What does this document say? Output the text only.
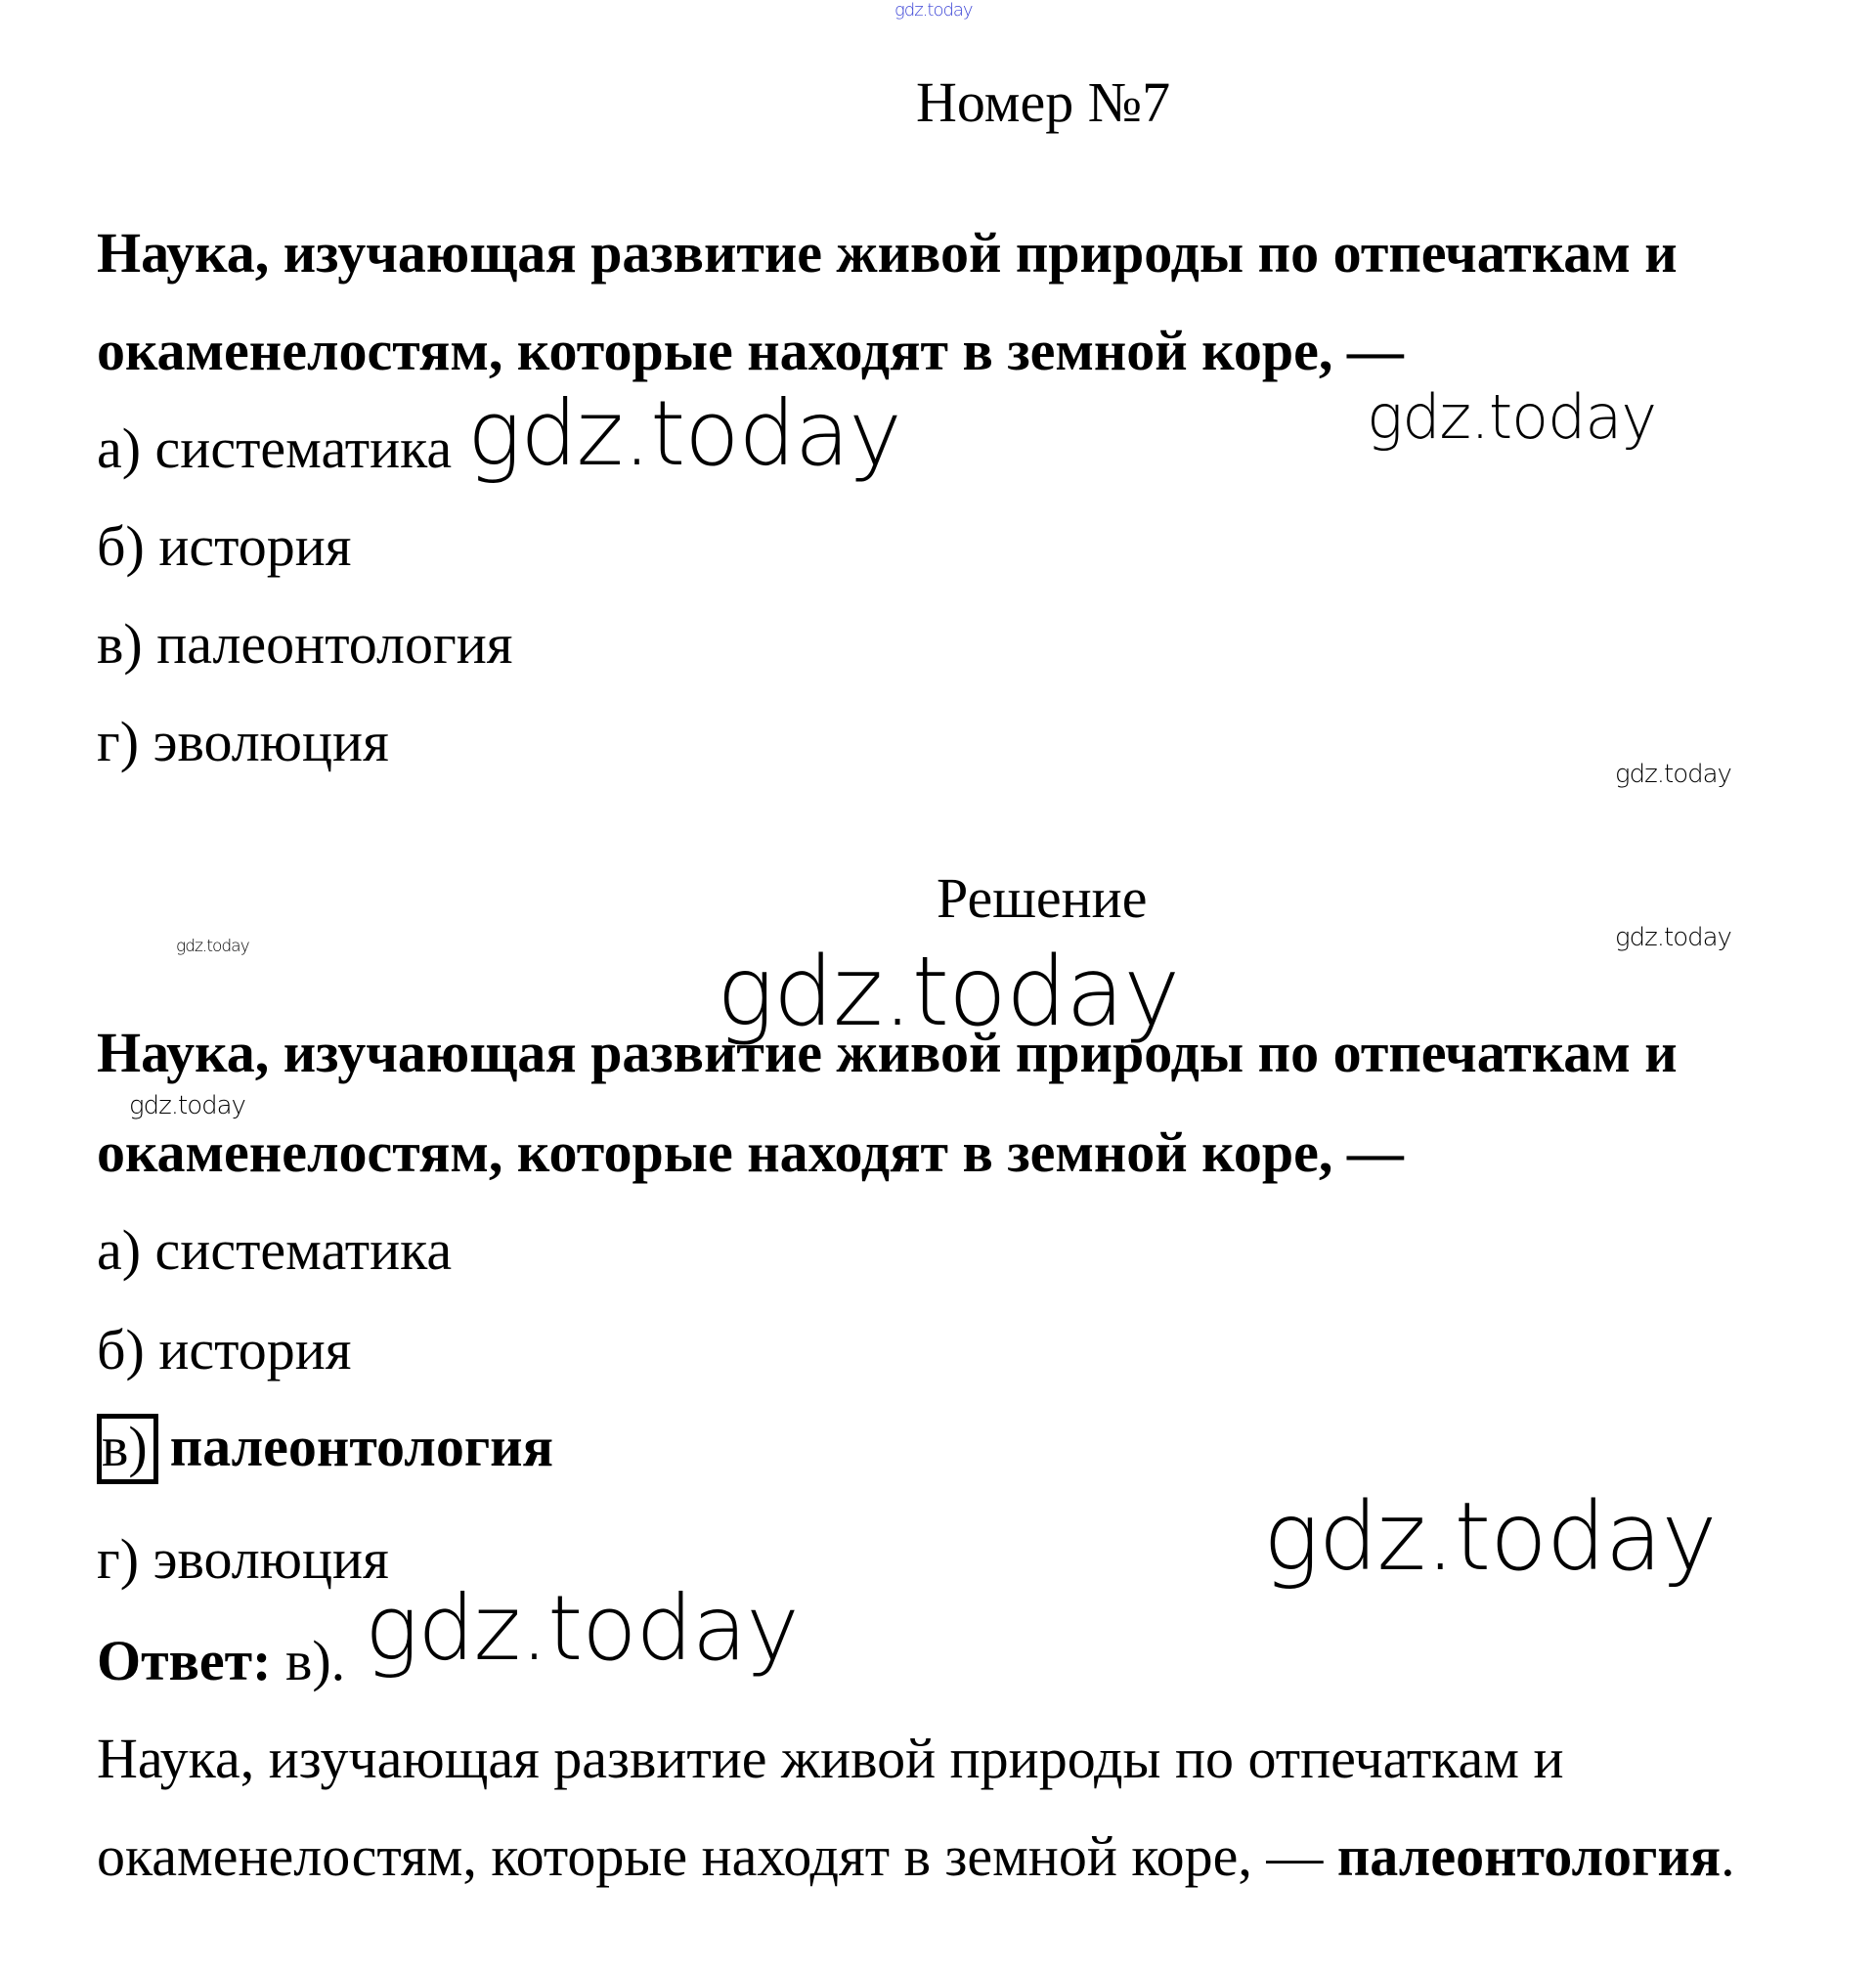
gdz.today
Номер №7
Наука, изучающая развитие живой природы по отпечаткам и
окаменелостям, которые находят в земной коре, —
а) систематика
б) история
в) палеонтология
г) эволюция
gdz.today	gdz.today
gdz.today
Решение
gdz.today	gdz.today
gdz.today
Наука, изучающая развитие живой природы по отпечаткам и
gdz.today
окаменелостям, которые находят в земной коре, —
а) систематика
б) история
в) палеонтология
г) эволюция	gdz.today
gdz.today
Ответ: в).
Наука, изучающая развитие живой природы по отпечаткам и
окаменелостям, которые находят в земной коре, — палеонтология.
